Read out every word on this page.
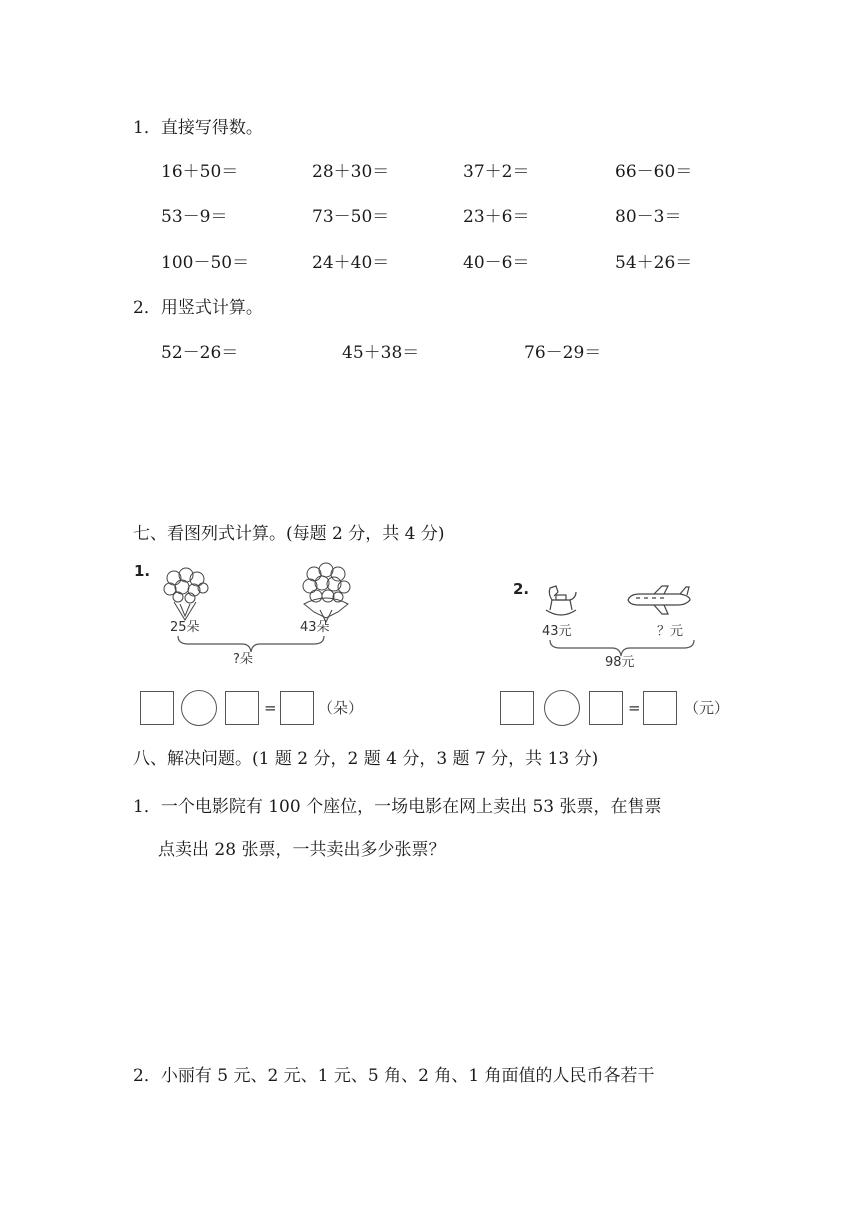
1．直接写得数。
16＋50＝	28＋30＝	37＋2＝	66－60＝
53－9＝	73－50＝	23＋6＝	80－3＝
100－50＝	24＋40＝	40－6＝	54＋26＝
2．用竖式计算。
52－26＝	45＋38＝	76－29＝
七、看图列式计算。(每题 2 分，共 4 分)
1.
25朵	43朵
?朵
=	（朵）
2.
43元	？元
98元
=	（元）
八、解决问题。(1 题 2 分，2 题 4 分，3 题 7 分，共 13 分)
1．一个电影院有 100 个座位，一场电影在网上卖出 53 张票，在售票
点卖出 28 张票，一共卖出多少张票？
2．小丽有 5 元、2 元、1 元、5 角、2 角、1 角面值的人民币各若干
